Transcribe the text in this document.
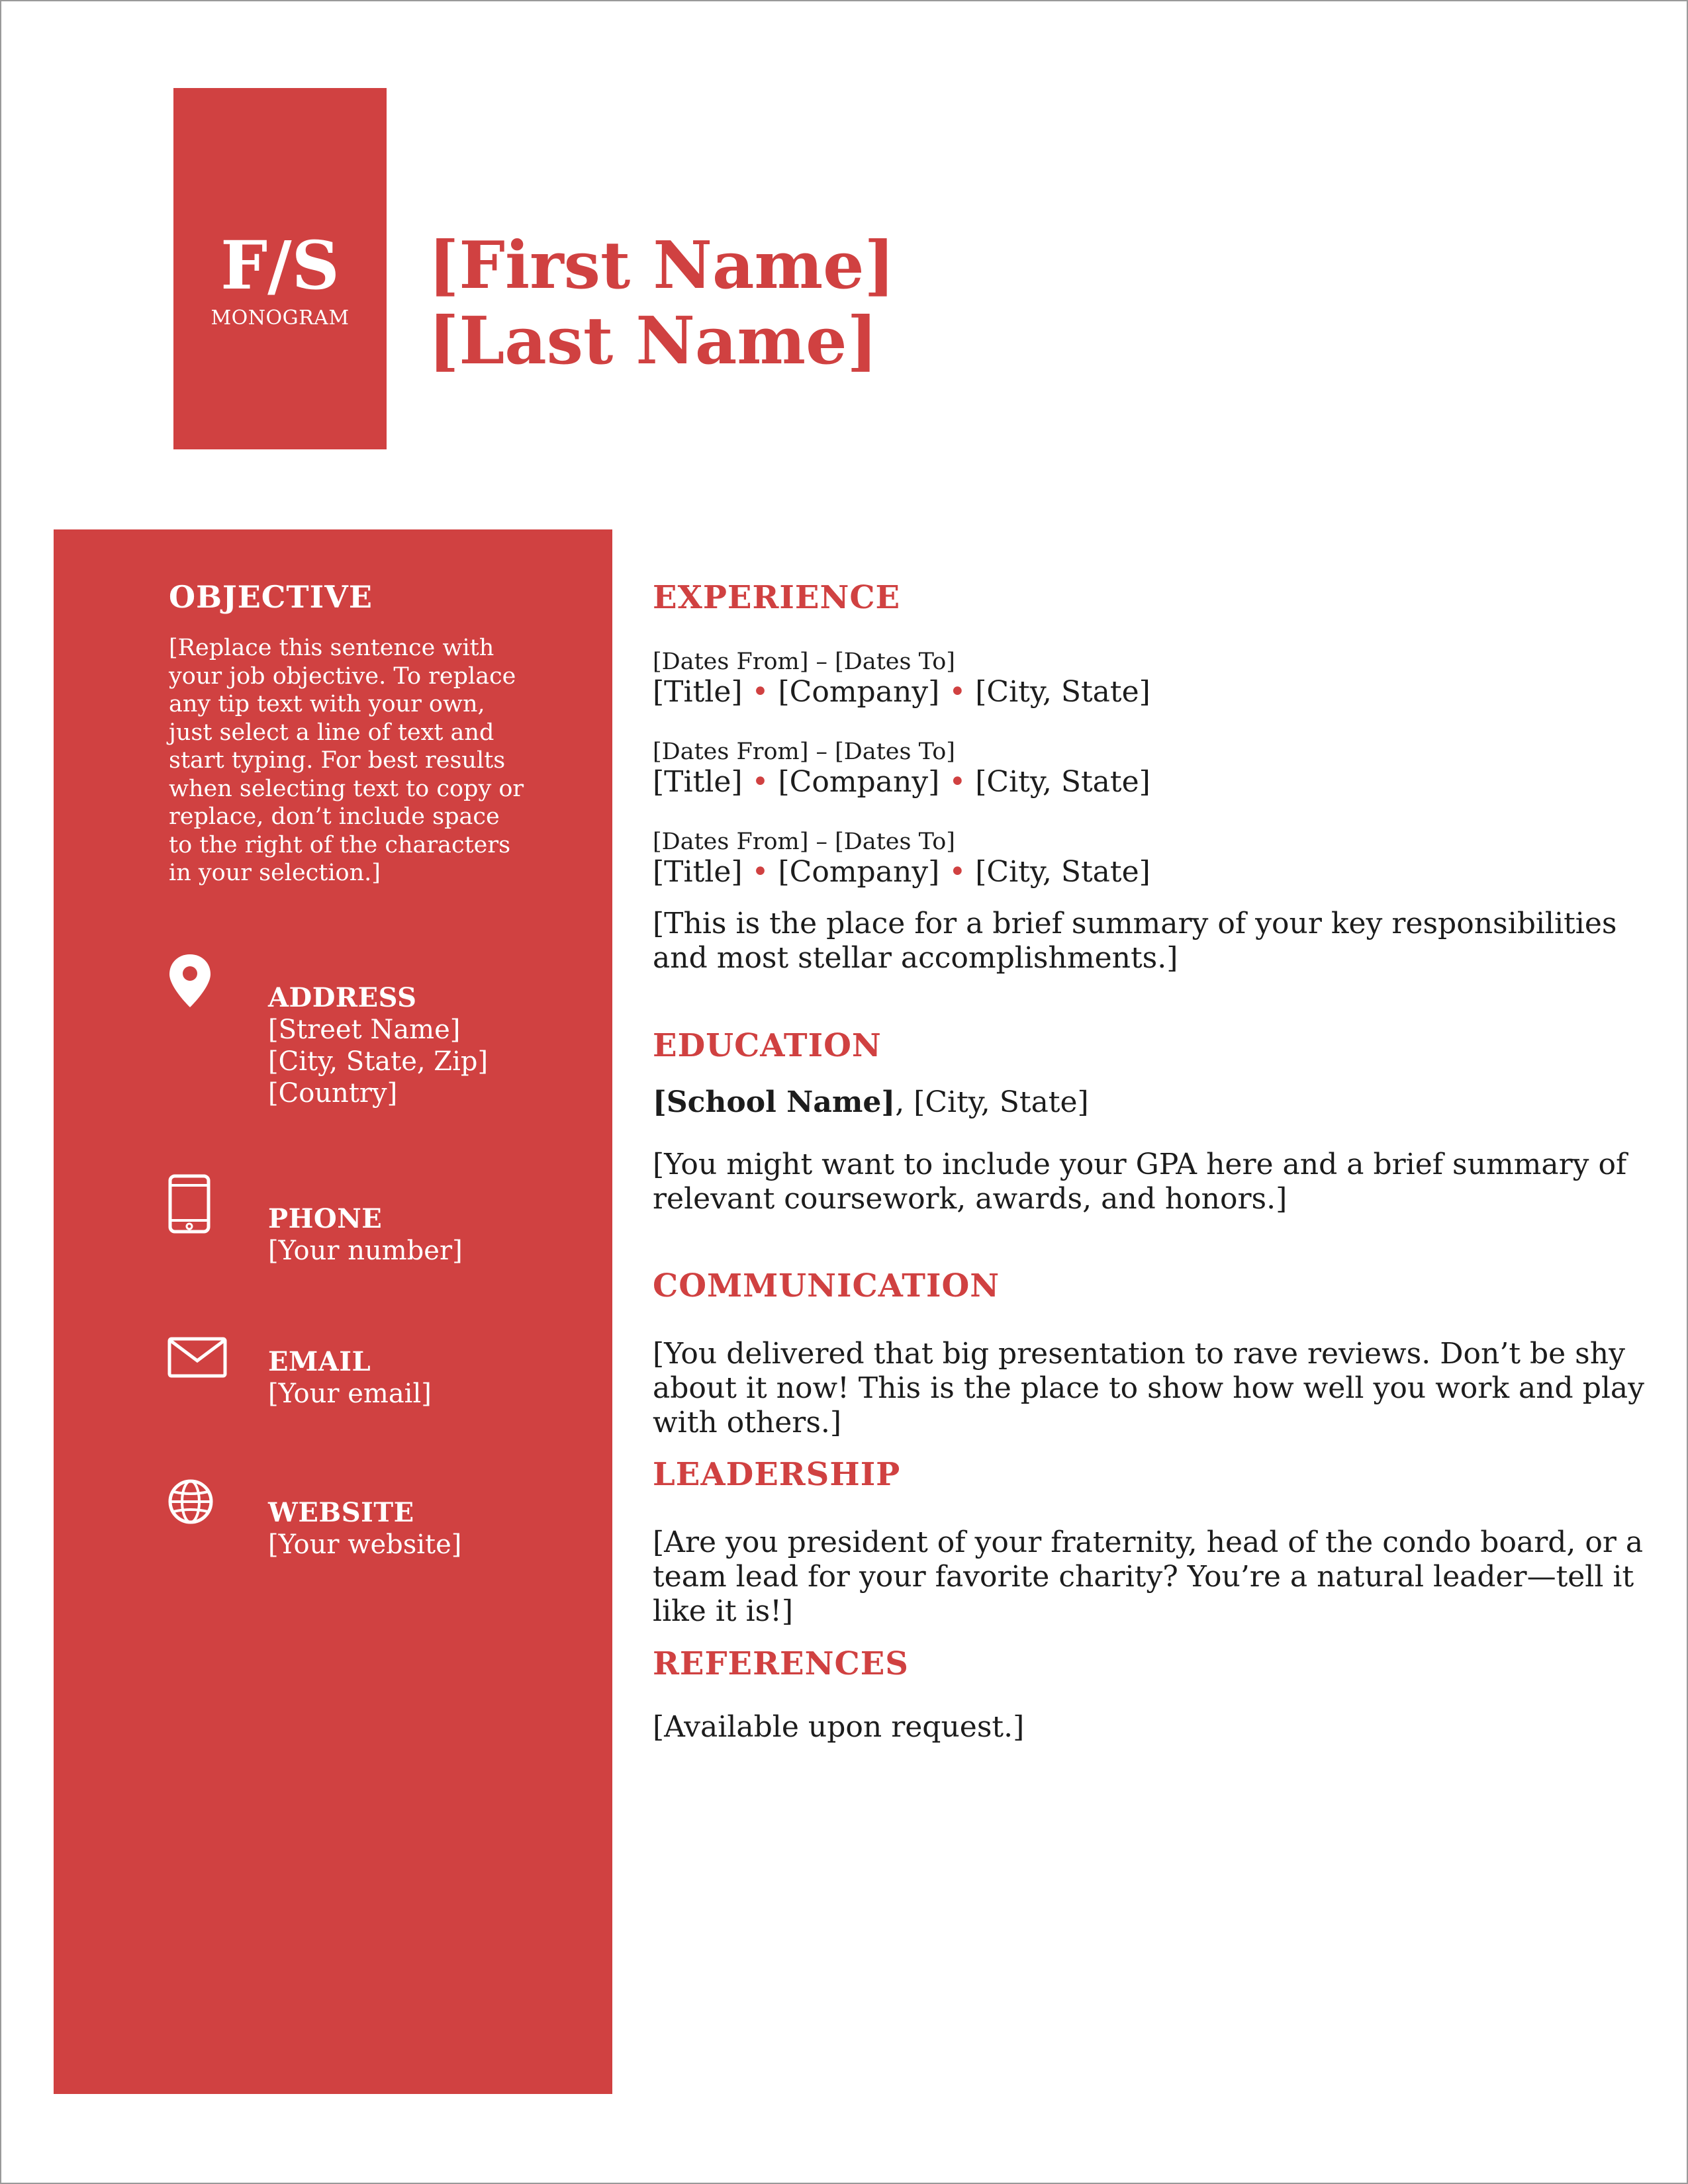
F/S
MONOGRAM
[First Name]
[Last Name]
OBJECTIVE
[Replace this sentence with your job objective. To replace any tip text with your own, just select a line of text and start typing. For best results when selecting text to copy or replace, don’t include space to the right of the characters in your selection.]
ADDRESS
[Street Name]
[City, State, Zip]
[Country]
PHONE
[Your number]
EMAIL
[Your email]
WEBSITE
[Your website]
EXPERIENCE
[Dates From] – [Dates To]
[Title] • [Company] • [City, State]
[Dates From] – [Dates To]
[Title] • [Company] • [City, State]
[Dates From] – [Dates To]
[Title] • [Company] • [City, State]
[This is the place for a brief summary of your key responsibilities and most stellar accomplishments.]
EDUCATION
[School Name], [City, State]
[You might want to include your GPA here and a brief summary of relevant coursework, awards, and honors.]
COMMUNICATION
[You delivered that big presentation to rave reviews. Don’t be shy about it now! This is the place to show how well you work and play with others.]
LEADERSHIP
[Are you president of your fraternity, head of the condo board, or a team lead for your favorite charity? You’re a natural leader—tell it like it is!]
REFERENCES
[Available upon request.]
